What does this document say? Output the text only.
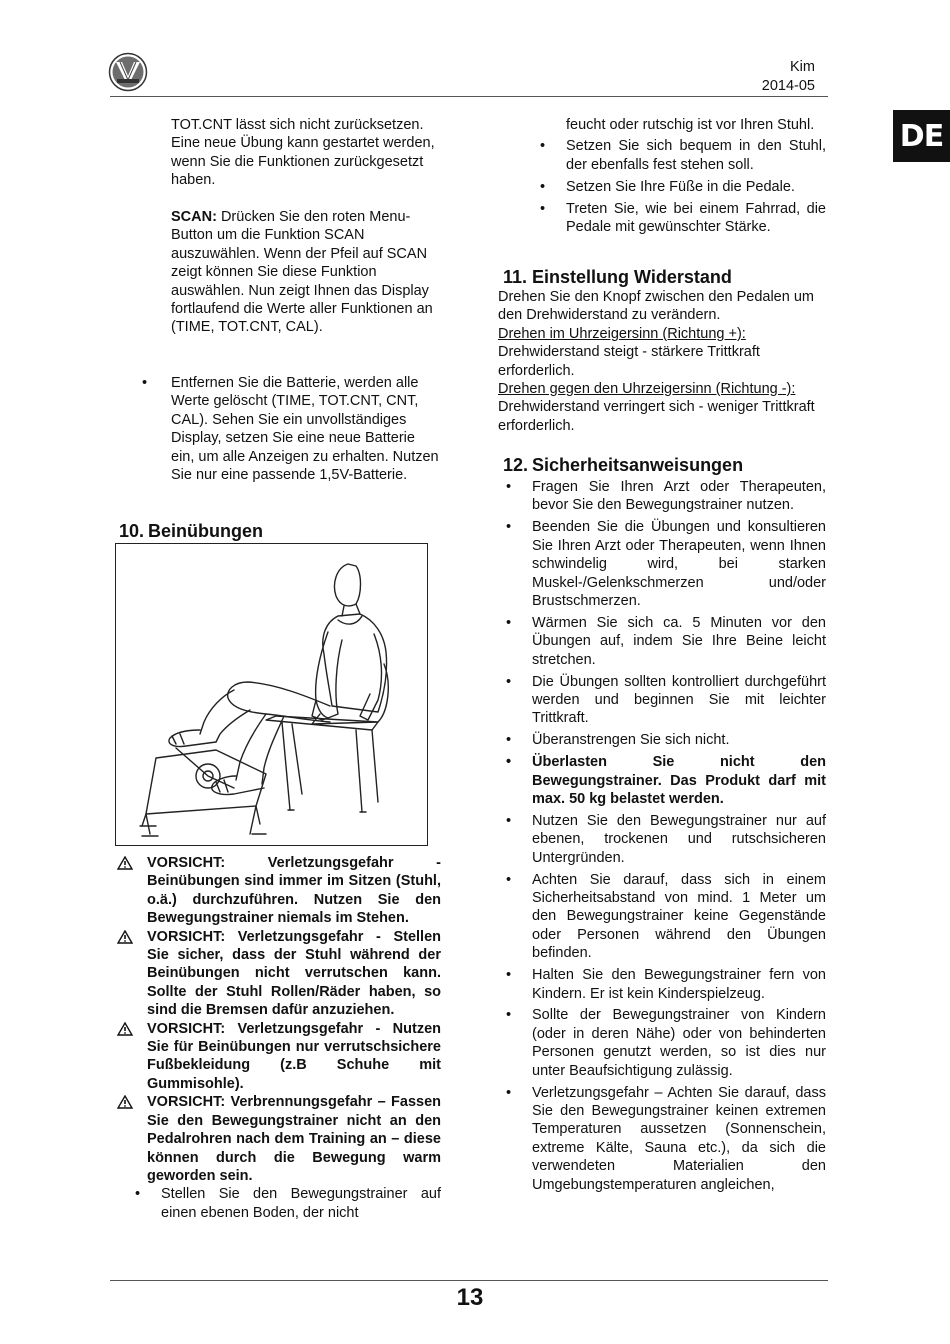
Kim
2014-05
DE

TOT.CNT lässt sich nicht zurücksetzen. Eine neue Übung kann gestartet werden, wenn Sie die Funktionen zurückgesetzt haben.

SCAN: Drücken Sie den roten Menu-Button um die Funktion SCAN auszuwählen. Wenn der Pfeil auf SCAN zeigt können Sie diese Funktion auswählen. Nun zeigt Ihnen das Display fortlaufend die Werte aller Funktionen an (TIME, TOT.CNT, CAL).

• Entfernen Sie die Batterie, werden alle Werte gelöscht (TIME, TOT.CNT, CNT, CAL). Sehen Sie ein unvollständiges Display, setzen Sie eine neue Batterie ein, um alle Anzeigen zu erhalten. Nutzen Sie nur eine passende 1,5V-Batterie.

10. Beinübungen

VORSICHT: Verletzungsgefahr - Beinübungen sind immer im Sitzen (Stuhl, o.ä.) durchzuführen. Nutzen Sie den Bewegungstrainer niemals im Stehen.
VORSICHT: Verletzungsgefahr - Stellen Sie sicher, dass der Stuhl während der Beinübungen nicht verrutschen kann. Sollte der Stuhl Rollen/Räder haben, so sind die Bremsen dafür anzuziehen.
VORSICHT: Verletzungsgefahr - Nutzen Sie für Beinübungen nur verrutschsichere Fußbekleidung (z.B Schuhe mit Gummisohle).
VORSICHT: Verbrennungsgefahr – Fassen Sie den Bewegungstrainer nicht an den Pedalrohren nach dem Training an – diese können durch die Bewegung warm geworden sein.
• Stellen Sie den Bewegungstrainer auf einen ebenen Boden, der nicht
feucht oder rutschig ist vor Ihren Stuhl.
• Setzen Sie sich bequem in den Stuhl, der ebenfalls fest stehen soll.
• Setzen Sie Ihre Füße in die Pedale.
• Treten Sie, wie bei einem Fahrrad, die Pedale mit gewünschter Stärke.

11. Einstellung Widerstand

Drehen Sie den Knopf zwischen den Pedalen um den Drehwiderstand zu verändern.

Drehen im Uhrzeigersinn (Richtung +):

Drehwiderstand steigt - stärkere Trittkraft erforderlich.

Drehen gegen den Uhrzeigersinn (Richtung -):

Drehwiderstand verringert sich - weniger Trittkraft erforderlich.

12. Sicherheitsanweisungen

• Fragen Sie Ihren Arzt oder Therapeuten, bevor Sie den Bewegungstrainer nutzen.
• Beenden Sie die Übungen und konsultieren Sie Ihren Arzt oder Therapeuten, wenn Ihnen schwindelig wird, bei starken Muskel-/Gelenkschmerzen und/oder Brustschmerzen.
• Wärmen Sie sich ca. 5 Minuten vor den Übungen auf, indem Sie Ihre Beine leicht stretchen.
• Die Übungen sollten kontrolliert durchgeführt werden und beginnen Sie mit leichter Trittkraft.
• Überanstrengen Sie sich nicht.
• Überlasten Sie nicht den Bewegungstrainer. Das Produkt darf mit max. 50 kg belastet werden.
• Nutzen Sie den Bewegungstrainer nur auf ebenen, trockenen und rutschsicheren Untergründen.
• Achten Sie darauf, dass sich in einem Sicherheitsabstand von mind. 1 Meter um den Bewegungstrainer keine Gegenstände oder Personen während den Übungen befinden.
• Halten Sie den Bewegungstrainer fern von Kindern. Er ist kein Kinderspielzeug.
• Sollte der Bewegungstrainer von Kindern (oder in deren Nähe) oder von behinderten Personen genutzt werden, so ist dies nur unter Beaufsichtigung zulässig.
• Verletzungsgefahr – Achten Sie darauf, dass Sie den Bewegungstrainer keinen extremen Temperaturen aussetzen (Sonnenschein, extreme Kälte, Sauna etc.), da sich die verwendeten Materialien den Umgebungstemperaturen angleichen,
13
